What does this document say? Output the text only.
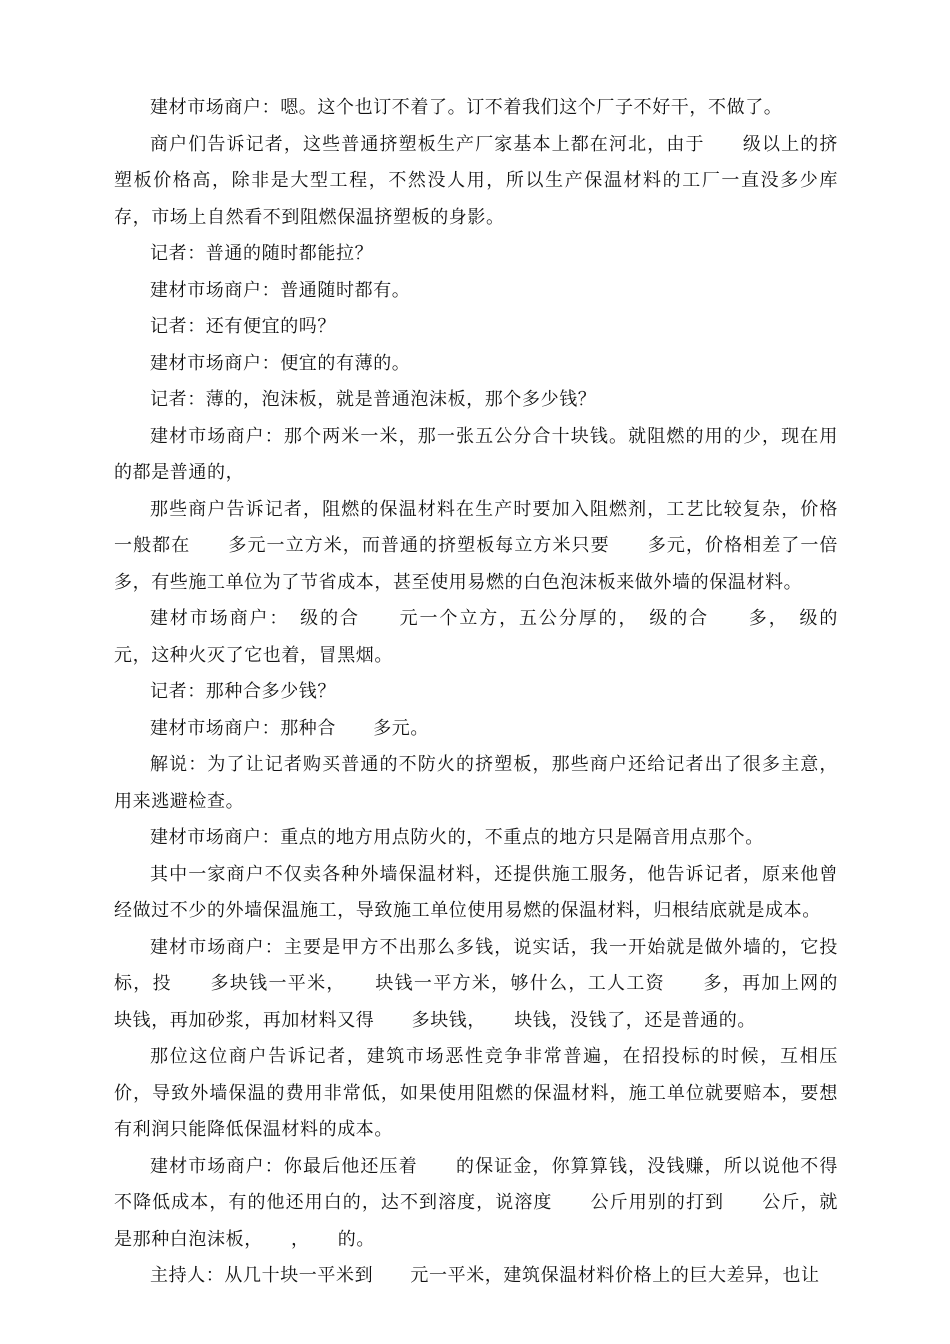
建材市场商户：嗯。这个也订不着了。订不着我们这个厂子不好干，不做了。

商户们告诉记者，这些普通挤塑板生产厂家基本上都在河北，由于　　级以上的挤塑板价格高，除非是大型工程，不然没人用，所以生产保温材料的工厂一直没多少库存，市场上自然看不到阻燃保温挤塑板的身影。

记者：普通的随时都能拉？

建材市场商户：普通随时都有。

记者：还有便宜的吗？

建材市场商户：便宜的有薄的。

记者：薄的，泡沫板，就是普通泡沫板，那个多少钱？

建材市场商户：那个两米一米，那一张五公分合十块钱。就阻燃的用的少，现在用的都是普通的，

那些商户告诉记者，阻燃的保温材料在生产时要加入阻燃剂，工艺比较复杂，价格一般都在　　多元一立方米，而普通的挤塑板每立方米只要　　多元，价格相差了一倍多，有些施工单位为了节省成本，甚至使用易燃的白色泡沫板来做外墙的保温材料。

建材市场商户：　级的合　　元一个立方，五公分厚的，　级的合　　多，　级的　　元，这种火灭了它也着，冒黑烟。

记者：那种合多少钱？

建材市场商户：那种合　　多元。

解说：为了让记者购买普通的不防火的挤塑板，那些商户还给记者出了很多主意，用来逃避检查。

建材市场商户：重点的地方用点防火的，不重点的地方只是隔音用点那个。

其中一家商户不仅卖各种外墙保温材料，还提供施工服务，他告诉记者，原来他曾经做过不少的外墙保温施工，导致施工单位使用易燃的保温材料，归根结底就是成本。

建材市场商户：主要是甲方不出那么多钱，说实话，我一开始就是做外墙的，它投标，投　　多块钱一平米，　　块钱一平方米，够什么，工人工资　　多，再加上网的　　块钱，再加砂浆，再加材料又得　　多块钱，　　块钱，没钱了，还是普通的。

那位这位商户告诉记者，建筑市场恶性竞争非常普遍，在招投标的时候，互相压价，导致外墙保温的费用非常低，如果使用阻燃的保温材料，施工单位就要赔本，要想有利润只能降低保温材料的成本。

建材市场商户：你最后他还压着　　的保证金，你算算钱，没钱赚，所以说他不得不降低成本，有的他还用白的，达不到溶度，说溶度　　公斤用别的打到　　公斤，就是那种白泡沫板，　　，　　的。

主持人：从几十块一平米到　　元一平米，建筑保温材料价格上的巨大差异，也让
